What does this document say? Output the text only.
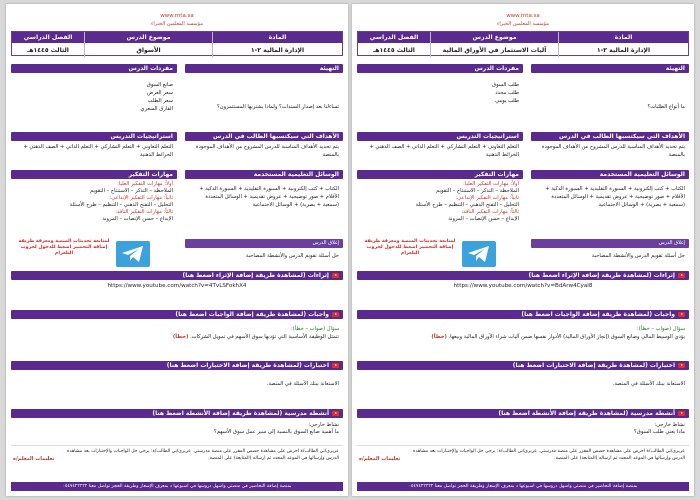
www.mta.sa
مؤسسة المعلمين الخبراء
المادة
موضوع الدرس
الفصل الدراسي
الإدارة المالية ٢-١
آليات الاستثمار في الأوراق المالية
الثالث ١٤٤٥هـ
التهيئة
ما أنواع الطلبات؟
مفردات الدرس
طلب السوق
طلب محدد
طلب يومي
الأهداف التي سيكتسبها الطالب في الدرس
يتم تحديد الأهداف المناسبة للدرس المشروح من الأهداف الموجودة بالمنصة
استراتيجيات التدريس
التعلم التعاوني + التعلم التشاركي + التعلم الذاتي + الصف الذهني + الخرائط الذهنية
الوسائل التعليمية المستخدمة
الكتاب + كتب إلكترونية + السبورة التقليدية + السبورة الذكية + الأقلام + صور توضيحية + عروض تقديمية + الوسائل المتعددة (سمعية + بصرية) + الوسائل الاجتماعية
مهارات التفكير
أولاً: مهارات التفكير العليا:
الملاحظة – التذكر – الاستنتاج – التقويم
ثانياً: مهارات التفكير الإبداعي:
التحليل – التفتح الذهني – التنظيم – طرح الأسئلة
ثالثاً: مهارات التفكير الناقد:
الإبداع – حسن الإنصات – المرونة
إغلاق الدرس
حل أسئلة تقويم الدرس والأنشطة المصاحبة
لمتابعة تحديثات المنصة ومعرفة طريقة إضافة التحضير اضغط للدخول لجروب التلغرام
إثراءات (لمشاهدة طريقة إضافة الإثراء اضغط هنا)
https://www.youtube.com/watch?v=BdArw4Cyal8
واجبات (لمشاهدة طريقة إضافة الواجبات اضغط هنا)
سؤال (صواب – خطأ):
يؤدي الوسيط المالي وصانع السوق (إنجاز الأوراق المالية) الأدوار نفسها ضمن آليات شراء الأوراق المالية وبيعها. (خطأ)
اختبارات (لمشاهدة طريقة إضافة الاختبارات اضغط هنا)
الاستعانة ببنك الأسئلة في المنصة.
أنشطة مدرسية (لمشاهدة طريقة إضافة الأنشطة اضغط هنا)
نشاط خارجي:
ماذا يعني طلب السوق؟
عزيزي/تي الطالب/ة احرص على مشاهدة حصص المقرر على منصة مدرستي. عزيزي/تي الطالب/ة: يرجى حل الواجبات والإختبارات بعد مشاهدة الدرس وإرسالها في الموعد المحدد ثم ارساله (المتابعة) على المنصة.
تعليمات المعلم/ة
بمنصة إضافة التحاضير في منصتي واسهل دروسها في اسبوعها د بمعرف الإسعار وطريقة الحجز تواصل معنا ٠٥٤٧٤٢٢٢٢٢
www.mta.sa
مؤسسة المعلمين الخبراء
المادة
موضوع الدرس
الفصل الدراسي
الإدارة المالية ٢-١
الأسواق
الثالث ١٤٤٥هـ
التهيئة
تساءلنا بعد إصدار السندات؟ ولماذا يشتريها المستثمرون؟
مفردات الدرس
صانع السوق
سعر العرض
سعر الطلب
الفارق السعري
الأهداف التي سيكتسبها الطالب في الدرس
يتم تحديد الأهداف المناسبة للدرس المشروح من الأهداف الموجودة بالمنصة
استراتيجيات التدريس
التعلم التعاوني + التعلم التشاركي + التعلم الذاتي + الصف الذهني + الخرائط الذهنية
الوسائل التعليمية المستخدمة
الكتاب + كتب إلكترونية + السبورة التقليدية + السبورة الذكية + الأقلام + صور توضيحية + عروض تقديمية + الوسائل المتعددة (سمعية + بصرية) + الوسائل الاجتماعية
مهارات التفكير
أولاً: مهارات التفكير العليا:
الملاحظة – التذكر – الاستنتاج – التقويم
ثانياً: مهارات التفكير الإبداعي:
التحليل – التفتح الذهني – التنظيم – طرح الأسئلة
ثالثاً: مهارات التفكير الناقد:
الإبداع – حسن الإنصات – المرونة
إغلاق الدرس
حل أسئلة تقويم الدرس والأنشطة المصاحبة
لمتابعة تحديثات المنصة ومعرفة طريقة إضافة التحضير اضغط للدخول لجروب التلغرام
إثراءات (لمشاهدة طريقة إضافة الإثراء اضغط هنا)
https://www.youtube.com/watch?v=4TvLSFokhX4
واجبات (لمشاهدة طريقة إضافة الواجبات اضغط هنا)
سؤال (صواب – خطأ):
تتمثل الوظيفة الأساسية التي تؤديها سوق الأسهم في تمويل الشركات. (خطأ)
اختبارات (لمشاهدة طريقة إضافة الاختبارات اضغط هنا)
الاستعانة ببنك الأسئلة في المنصة.
أنشطة مدرسية (لمشاهدة طريقة إضافة الأنشطة اضغط هنا)
نشاط خارجي:
ما أهمية صانع السوق بالنسبة إلى سير عمل سوق الأسهم؟
عزيزي/تي الطالب/ة احرص على مشاهدة حصص المقرر على منصة مدرستي. عزيزي/تي الطالب/ة: يرجى حل الواجبات والإختبارات بعد مشاهدة الدرس وإرسالها في الموعد المحدد ثم ارساله (المتابعة) على المنصة.
تعليمات المعلم/ة
بمنصة إضافة التحاضير في منصتي واسهل دروسها في اسبوعها د بمعرف الإسعار وطريقة الحجز تواصل معنا ٠٥٤٧٤٢٢٢٢٢
